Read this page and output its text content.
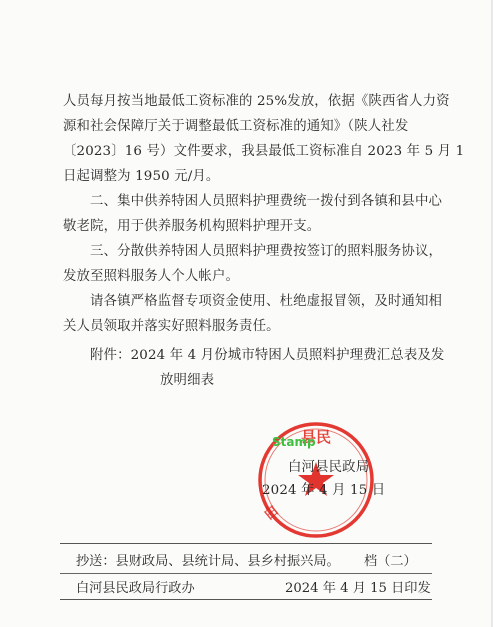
人员每月按当地最低工资标准的 25%发放，依据《陕西省人力资
源和社会保障厅关于调整最低工资标准的通知》（陕人社发
〔2023〕16 号）文件要求，我县最低工资标准自 2023 年 5 月 1
日起调整为 1950 元/月。
二、集中供养特困人员照料护理费统一拨付到各镇和县中心
敬老院，用于供养服务机构照料护理开支。
三、分散供养特困人员照料护理费按签订的照料服务协议，
发放至照料服务人个人帐户。
请各镇严格监督专项资金使用、杜绝虚报冒领，及时通知相
关人员领取并落实好照料服务责任。
附件：2024 年 4 月份城市特困人员照料护理费汇总表及发
放明细表
县民
白
Stamp
白河县民政局
2024 年 4 月 15 日
抄送：县财政局、县统计局、县乡村振兴局。 档（二）
白河县民政局行政办	2024 年 4 月 15 日印发
